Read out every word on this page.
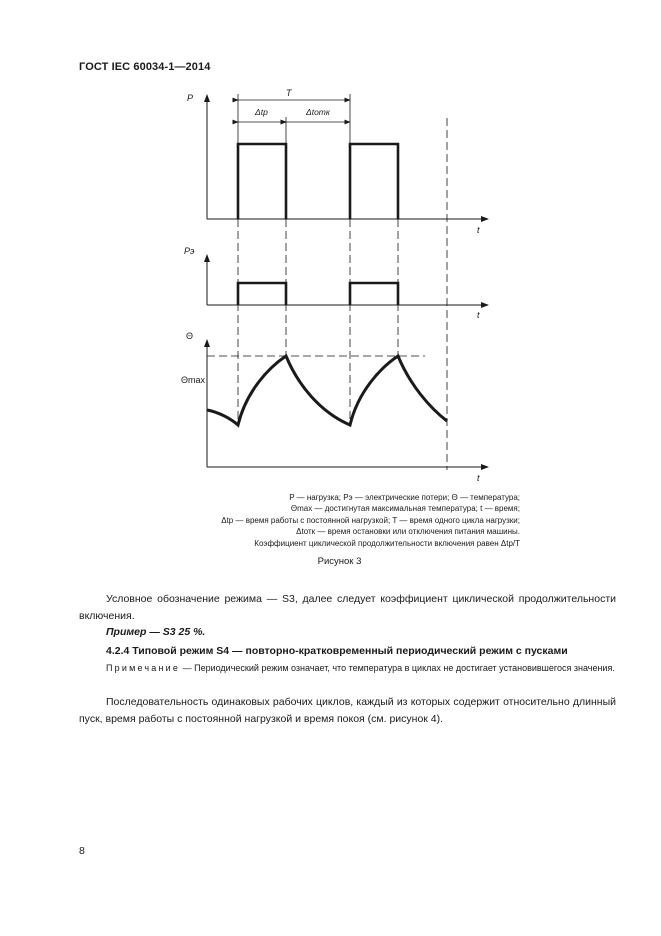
ГОСТ IEC 60034-1—2014
P
Pэ
Θ
Θmax
t
t
t
T
Δtр	Δtотк
P — нагрузка; Pэ — электрические потери; Θ — температура;
Θmax — достигнутая максимальная температура; t — время;
Δtр — время работы с постоянной нагрузкой; T — время одного цикла нагрузки;
Δtотк — время остановки или отключения питания машины.
Коэффициент циклической продолжительности включения равен Δtр/T
Рисунок 3
Условное обозначение режима — S3, далее следует коэффициент циклической продолжительности включения.
Пример — S3 25 %.
4.2.4 Типовой режим S4 — повторно-кратковременный периодический режим с пусками
Примечание — Периодический режим означает, что температура в циклах не достигает установившегося значения.
Последовательность одинаковых рабочих циклов, каждый из которых содержит относительно длинный пуск, время работы с постоянной нагрузкой и время покоя (см. рисунок 4).
8
